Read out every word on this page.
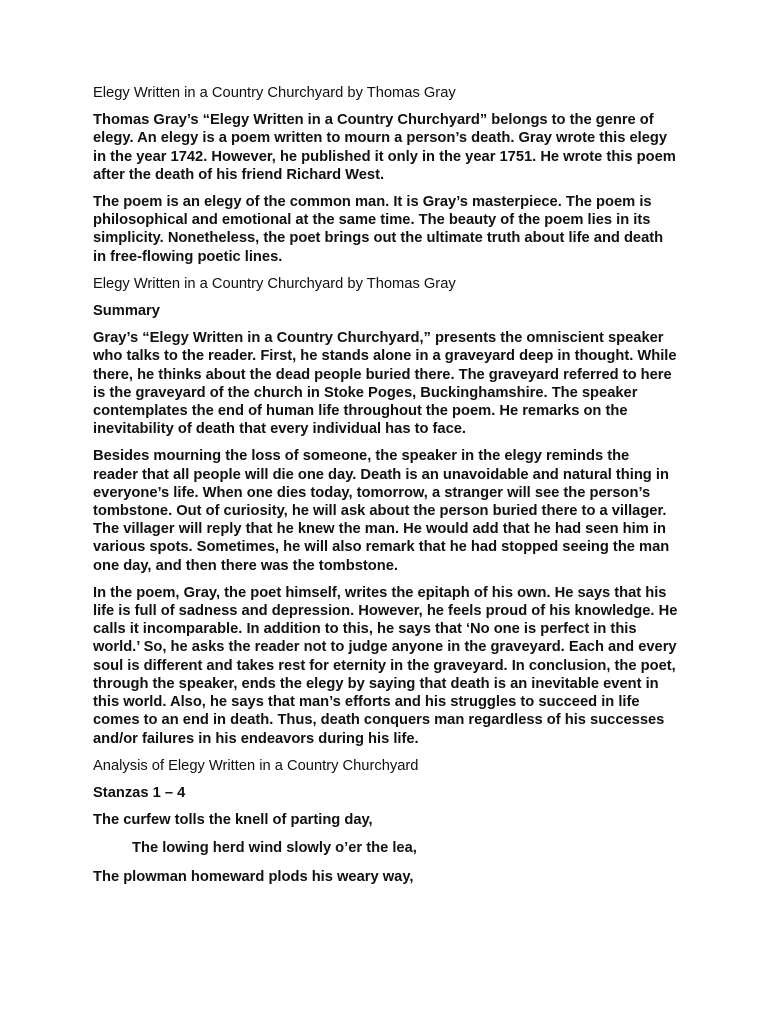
Elegy Written in a Country Churchyard by Thomas Gray

Thomas Gray’s “Elegy Written in a Country Churchyard” belongs to the genre of elegy. An elegy is a poem written to mourn a person’s death. Gray wrote this elegy in the year 1742. However, he published it only in the year 1751. He wrote this poem after the death of his friend Richard West.

The poem is an elegy of the common man. It is Gray’s masterpiece. The poem is philosophical and emotional at the same time. The beauty of the poem lies in its simplicity. Nonetheless, the poet brings out the ultimate truth about life and death in free-flowing poetic lines.

Elegy Written in a Country Churchyard by Thomas Gray

Summary

Gray’s “Elegy Written in a Country Churchyard,” presents the omniscient speaker who talks to the reader. First, he stands alone in a graveyard deep in thought. While there, he thinks about the dead people buried there. The graveyard referred to here is the graveyard of the church in Stoke Poges, Buckinghamshire. The speaker contemplates the end of human life throughout the poem. He remarks on the inevitability of death that every individual has to face.

Besides mourning the loss of someone, the speaker in the elegy reminds the reader that all people will die one day. Death is an unavoidable and natural thing in everyone’s life. When one dies today, tomorrow, a stranger will see the person’s tombstone. Out of curiosity, he will ask about the person buried there to a villager. The villager will reply that he knew the man. He would add that he had seen him in various spots. Sometimes, he will also remark that he had stopped seeing the man one day, and then there was the tombstone.

In the poem, Gray, the poet himself, writes the epitaph of his own. He says that his life is full of sadness and depression. However, he feels proud of his knowledge. He calls it incomparable. In addition to this, he says that ‘No one is perfect in this world.’ So, he asks the reader not to judge anyone in the graveyard. Each and every soul is different and takes rest for eternity in the graveyard. In conclusion, the poet, through the speaker, ends the elegy by saying that death is an inevitable event in this world. Also, he says that man’s efforts and his struggles to succeed in life comes to an end in death. Thus, death conquers man regardless of his successes and/or failures in his endeavors during his life.

Analysis of Elegy Written in a Country Churchyard

Stanzas 1 – 4

The curfew tolls the knell of parting day,

The lowing herd wind slowly o’er the lea,

The plowman homeward plods his weary way,
